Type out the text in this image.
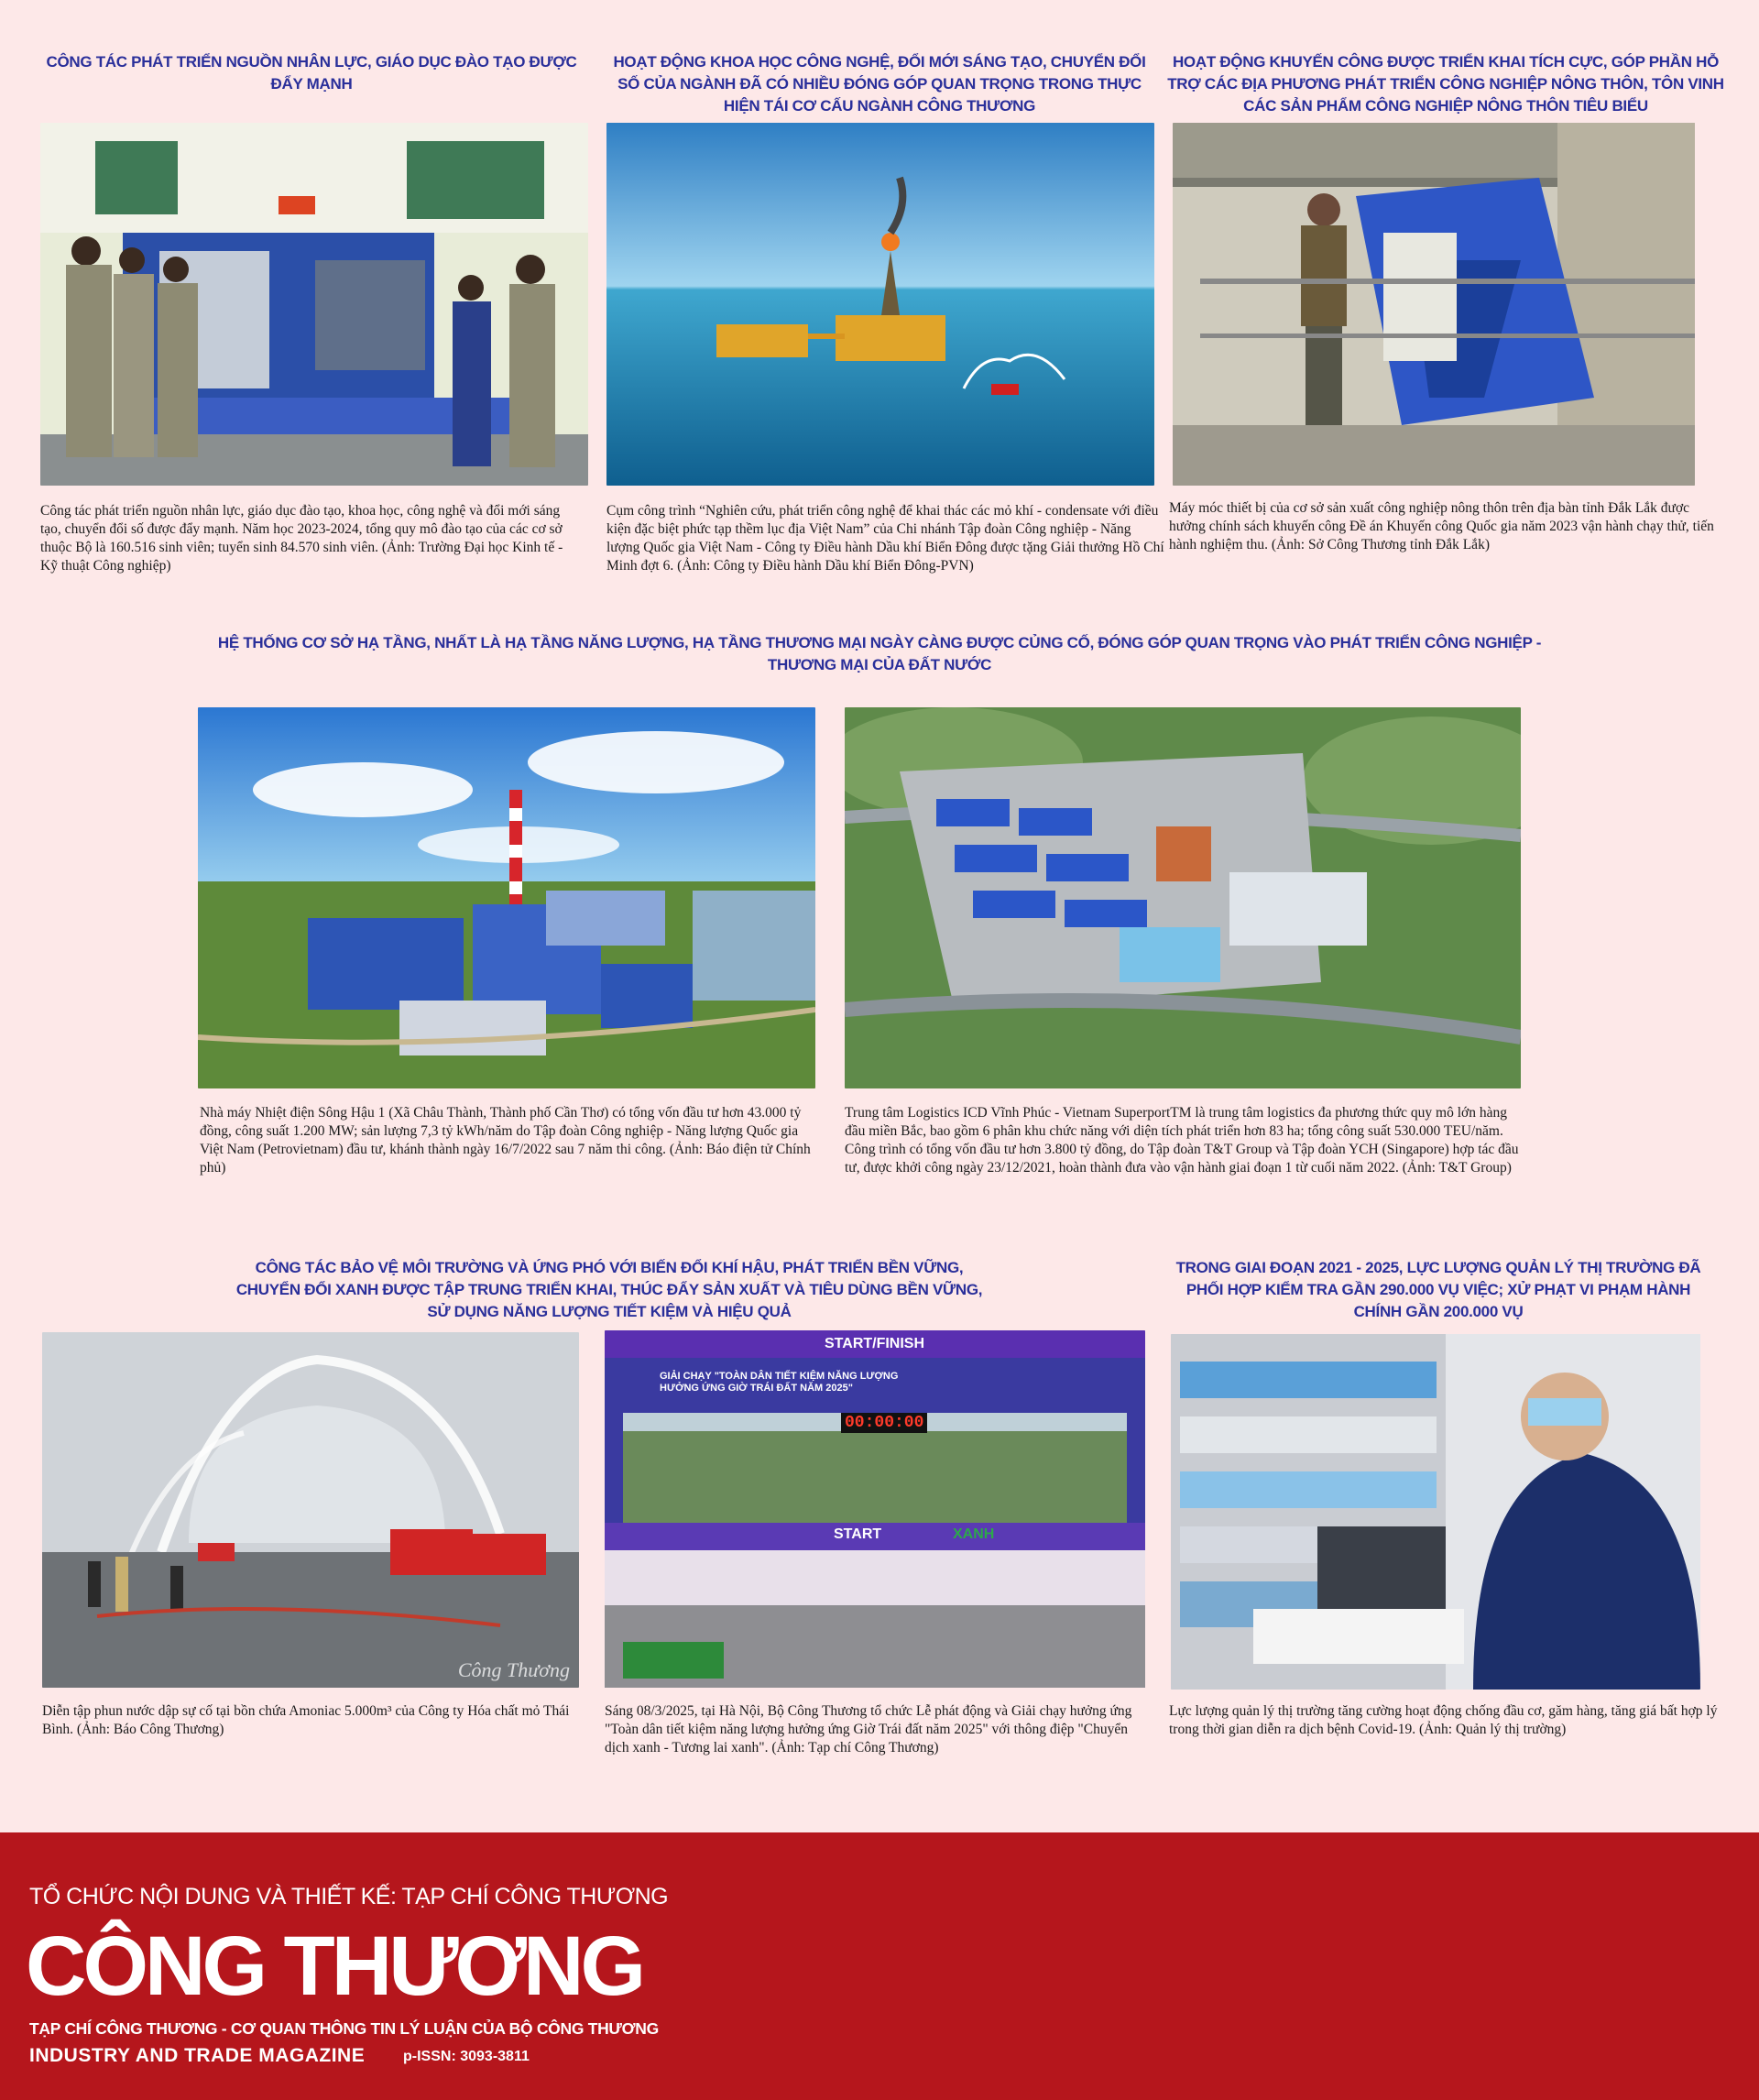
CÔNG TÁC PHÁT TRIỂN NGUỒN NHÂN LỰC, GIÁO DỤC ĐÀO TẠO ĐƯỢC ĐẨY MẠNH
HOẠT ĐỘNG KHOA HỌC CÔNG NGHỆ, ĐỔI MỚI SÁNG TẠO, CHUYỂN ĐỔI SỐ CỦA NGÀNH ĐÃ CÓ NHIỀU ĐÓNG GÓP QUAN TRỌNG TRONG THỰC HIỆN TÁI CƠ CẤU NGÀNH CÔNG THƯƠNG
HOẠT ĐỘNG KHUYẾN CÔNG ĐƯỢC TRIỂN KHAI TÍCH CỰC, GÓP PHẦN HỖ TRỢ CÁC ĐỊA PHƯƠNG PHÁT TRIỂN CÔNG NGHIỆP NÔNG THÔN, TÔN VINH CÁC SẢN PHẨM CÔNG NGHIỆP NÔNG THÔN TIÊU BIỂU
Công tác phát triển nguồn nhân lực, giáo dục đào tạo, khoa học, công nghệ và đổi mới sáng tạo, chuyển đổi số được đẩy mạnh. Năm học 2023-2024, tổng quy mô đào tạo của các cơ sở thuộc Bộ là 160.516 sinh viên; tuyển sinh 84.570 sinh viên. (Ảnh: Trường Đại học Kinh tế - Kỹ thuật Công nghiệp)
Cụm công trình “Nghiên cứu, phát triển công nghệ để khai thác các mỏ khí - condensate với điều kiện đặc biệt phức tạp thềm lục địa Việt Nam” của Chi nhánh Tập đoàn Công nghiệp - Năng lượng Quốc gia Việt Nam - Công ty Điều hành Dầu khí Biển Đông được tặng Giải thưởng Hồ Chí Minh đợt 6. (Ảnh: Công ty Điều hành Dầu khí Biển Đông-PVN)
Máy móc thiết bị của cơ sở sản xuất công nghiệp nông thôn trên địa bàn tỉnh Đắk Lắk được hưởng chính sách khuyến công Đề án Khuyến công Quốc gia năm 2023 vận hành chạy thử, tiến hành nghiệm thu. (Ảnh: Sở Công Thương tỉnh Đắk Lắk)
HỆ THỐNG CƠ SỞ HẠ TẦNG, NHẤT LÀ HẠ TẦNG NĂNG LƯỢNG, HẠ TẦNG THƯƠNG MẠI NGÀY CÀNG ĐƯỢC CỦNG CỐ, ĐÓNG GÓP QUAN TRỌNG VÀO PHÁT TRIỂN CÔNG NGHIỆP - THƯƠNG MẠI CỦA ĐẤT NƯỚC
Nhà máy Nhiệt điện Sông Hậu 1 (Xã Châu Thành, Thành phố Cần Thơ) có tổng vốn đầu tư hơn 43.000 tỷ đồng, công suất 1.200 MW; sản lượng 7,3 tỷ kWh/năm do Tập đoàn Công nghiệp - Năng lượng Quốc gia Việt Nam (Petrovietnam) đầu tư, khánh thành ngày 16/7/2022 sau 7 năm thi công. (Ảnh: Báo điện tử Chính phủ)
Trung tâm Logistics ICD Vĩnh Phúc - Vietnam SuperportTM là trung tâm logistics đa phương thức quy mô lớn hàng đầu miền Bắc, bao gồm 6 phân khu chức năng với diện tích phát triển hơn 83 ha; tổng công suất 530.000 TEU/năm. Công trình có tổng vốn đầu tư hơn 3.800 tỷ đồng, do Tập đoàn T&T Group và Tập đoàn YCH (Singapore) hợp tác đầu tư, được khởi công ngày 23/12/2021, hoàn thành đưa vào vận hành giai đoạn 1 từ cuối năm 2022. (Ảnh: T&T Group)
CÔNG TÁC BẢO VỆ MÔI TRƯỜNG VÀ ỨNG PHÓ VỚI BIẾN ĐỔI KHÍ HẬU, PHÁT TRIỂN BỀN VỮNG, CHUYỂN ĐỔI XANH ĐƯỢC TẬP TRUNG TRIỂN KHAI, THÚC ĐẨY SẢN XUẤT VÀ TIÊU DÙNG BỀN VỮNG, SỬ DỤNG NĂNG LƯỢNG TIẾT KIỆM VÀ HIỆU QUẢ
TRONG GIAI ĐOẠN 2021 - 2025, LỰC LƯỢNG QUẢN LÝ THỊ TRƯỜNG ĐÃ PHỐI HỢP KIỂM TRA GẦN 290.000 VỤ VIỆC; XỬ PHẠT VI PHẠM HÀNH CHÍNH GẦN 200.000 VỤ
Công Thương
START/FINISH
GIẢI CHẠY "TOÀN DÂN TIẾT KIỆM NĂNG LƯỢNG HƯỞNG ỨNG GIỜ TRÁI ĐẤT NĂM 2025"
00:00:00
START	XANH
Diễn tập phun nước dập sự cố tại bồn chứa Amoniac 5.000m³ của Công ty Hóa chất mỏ Thái Bình. (Ảnh: Báo Công Thương)
Sáng 08/3/2025, tại Hà Nội, Bộ Công Thương tổ chức Lễ phát động và Giải chạy hưởng ứng "Toàn dân tiết kiệm năng lượng hưởng ứng Giờ Trái đất năm 2025" với thông điệp "Chuyển dịch xanh - Tương lai xanh". (Ảnh: Tạp chí Công Thương)
Lực lượng quản lý thị trường tăng cường hoạt động chống đầu cơ, găm hàng, tăng giá bất hợp lý trong thời gian diễn ra dịch bệnh Covid-19. (Ảnh: Quản lý thị trường)
TỔ CHỨC NỘI DUNG VÀ THIẾT KẾ: TẠP CHÍ CÔNG THƯƠNG
CÔNG THƯƠNG
TẠP CHÍ CÔNG THƯƠNG - CƠ QUAN THÔNG TIN LÝ LUẬN CỦA BỘ CÔNG THƯƠNG
INDUSTRY AND TRADE MAGAZINE	p-ISSN: 3093-3811
